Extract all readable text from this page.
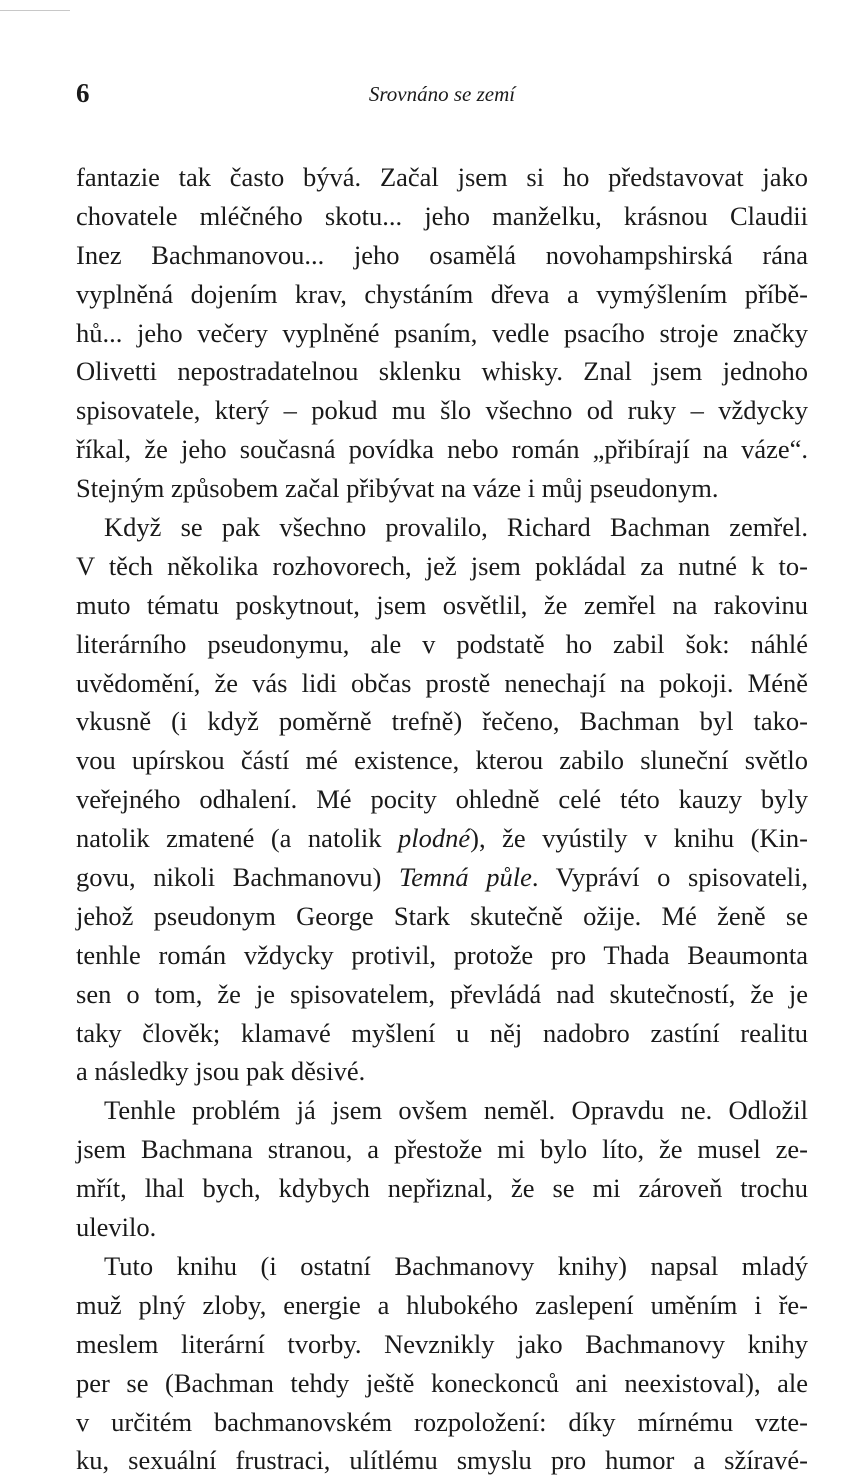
6	Srovnáno se zemí
fantazie tak často bývá. Začal jsem si ho představovat jako
chovatele mléčného skotu... jeho manželku, krásnou Claudii
Inez Bachmanovou... jeho osamělá novohampshirská rána
vyplněná dojením krav, chystáním dřeva a vymýšlením příbě-
hů... jeho večery vyplněné psaním, vedle psacího stroje značky
Olivetti nepostradatelnou sklenku whisky. Znal jsem jednoho
spisovatele, který – pokud mu šlo všechno od ruky – vždycky
říkal, že jeho současná povídka nebo román „přibírají na váze“.
Stejným způsobem začal přibývat na váze i můj pseudonym.
Když se pak všechno provalilo, Richard Bachman zemřel.
V těch několika rozhovorech, jež jsem pokládal za nutné k to-
muto tématu poskytnout, jsem osvětlil, že zemřel na rakovinu
literárního pseudonymu, ale v podstatě ho zabil šok: náhlé
uvědomění, že vás lidi občas prostě nenechají na pokoji. Méně
vkusně (i když poměrně trefně) řečeno, Bachman byl tako-
vou upírskou částí mé existence, kterou zabilo sluneční světlo
veřejného odhalení. Mé pocity ohledně celé této kauzy byly
natolik zmatené (a natolik plodné), že vyústily v knihu (Kin-
govu, nikoli Bachmanovu) Temná půle. Vypráví o spisovateli,
jehož pseudonym George Stark skutečně ožije. Mé ženě se
tenhle román vždycky protivil, protože pro Thada Beaumonta
sen o tom, že je spisovatelem, převládá nad skutečností, že je
taky člověk; klamavé myšlení u něj nadobro zastíní realitu
a následky jsou pak děsivé.
Tenhle problém já jsem ovšem neměl. Opravdu ne. Odložil
jsem Bachmana stranou, a přestože mi bylo líto, že musel ze-
mřít, lhal bych, kdybych nepřiznal, že se mi zároveň trochu
ulevilo.
Tuto knihu (i ostatní Bachmanovy knihy) napsal mladý
muž plný zloby, energie a hlubokého zaslepení uměním i ře-
meslem literární tvorby. Nevznikly jako Bachmanovy knihy
per se (Bachman tehdy ještě koneckonců ani neexistoval), ale
v určitém bachmanovském rozpoložení: díky mírnému vzte-
ku, sexuální frustraci, ulítlému smyslu pro humor a sžíravé-
